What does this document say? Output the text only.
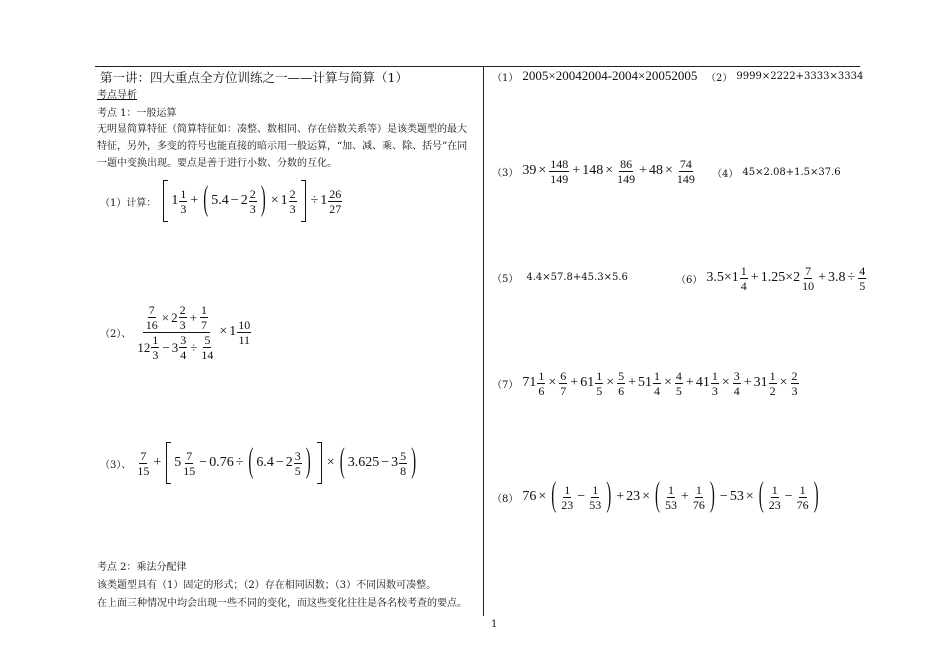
第一讲：四大重点全方位训练之一——计算与简算（1）
考点导析
考点 1：一般运算
无明显简算特征（简算特征如：凑整、数相同、存在倍数关系等）是该类题型的最大
特征，另外，多变的符号也能直接的暗示用一般运算，“加、减、乘、除、括号”在同
一题中变换出现。要点是善于进行小数、分数的互化。
（1）计算： $1 \frac{1}{3}$ + ( $5.4 - 2 \frac{2}{3}$ ) × $1 \frac{2}{3} \div 1 \frac{26}{27}$
（2）、 $\frac{\frac{7}{16} \times 2 \frac{2}{3} + \frac{1}{7}}{12 \frac{1}{3} - 3 \frac{3}{4} \div \frac{5}{14}} \times 1 \frac{10}{11}$
（3）、 $\frac{7}{15} + 5 \frac{7}{15} - 0.76$ ÷ ( $6.4 - 2 \frac{3}{5}$ ) × ( $3.625 - 3 \frac{5}{8}$ )
考点 2：乘法分配律
该类题型具有（1）固定的形式；（2）存在相同因数；（3）不同因数可凑整。
在上面三种情况中均会出现一些不同的变化，而这些变化往往是各名校考查的要点。
（1） 2005×20042004-2004×20052005 （2） 9999×2222+3333×3334
（3） $39 \times \frac{148}{149} + 148 \times \frac{86}{149} + 48 \times \frac{74}{149} (4)$ 45×2.08+1.5×37.6
（5） 4.4×57.8+45.3×5.6	（6） $3.5\times 1 \frac{1}{4} + 1.25\times 2 \frac{7}{10} + 3.8 \div \frac{4}{5}$
（7） $71 \frac{1}{6} \times \frac{6}{7} + 61 \frac{1}{5} \times \frac{5}{6} + 51 \frac{1}{4} \times \frac{4}{5} + 41 \frac{1}{3} \times \frac{3}{4} + 31 \frac{1}{2} \times \frac{2}{3}$
（8） 76 × ( $\frac{1}{23} - \frac{1}{53}$ ) + 23 × ( $\frac{1}{53} + \frac{1}{76}$ ) − 53 × ( $\frac{1}{23} - \frac{1}{76}$ )
1
